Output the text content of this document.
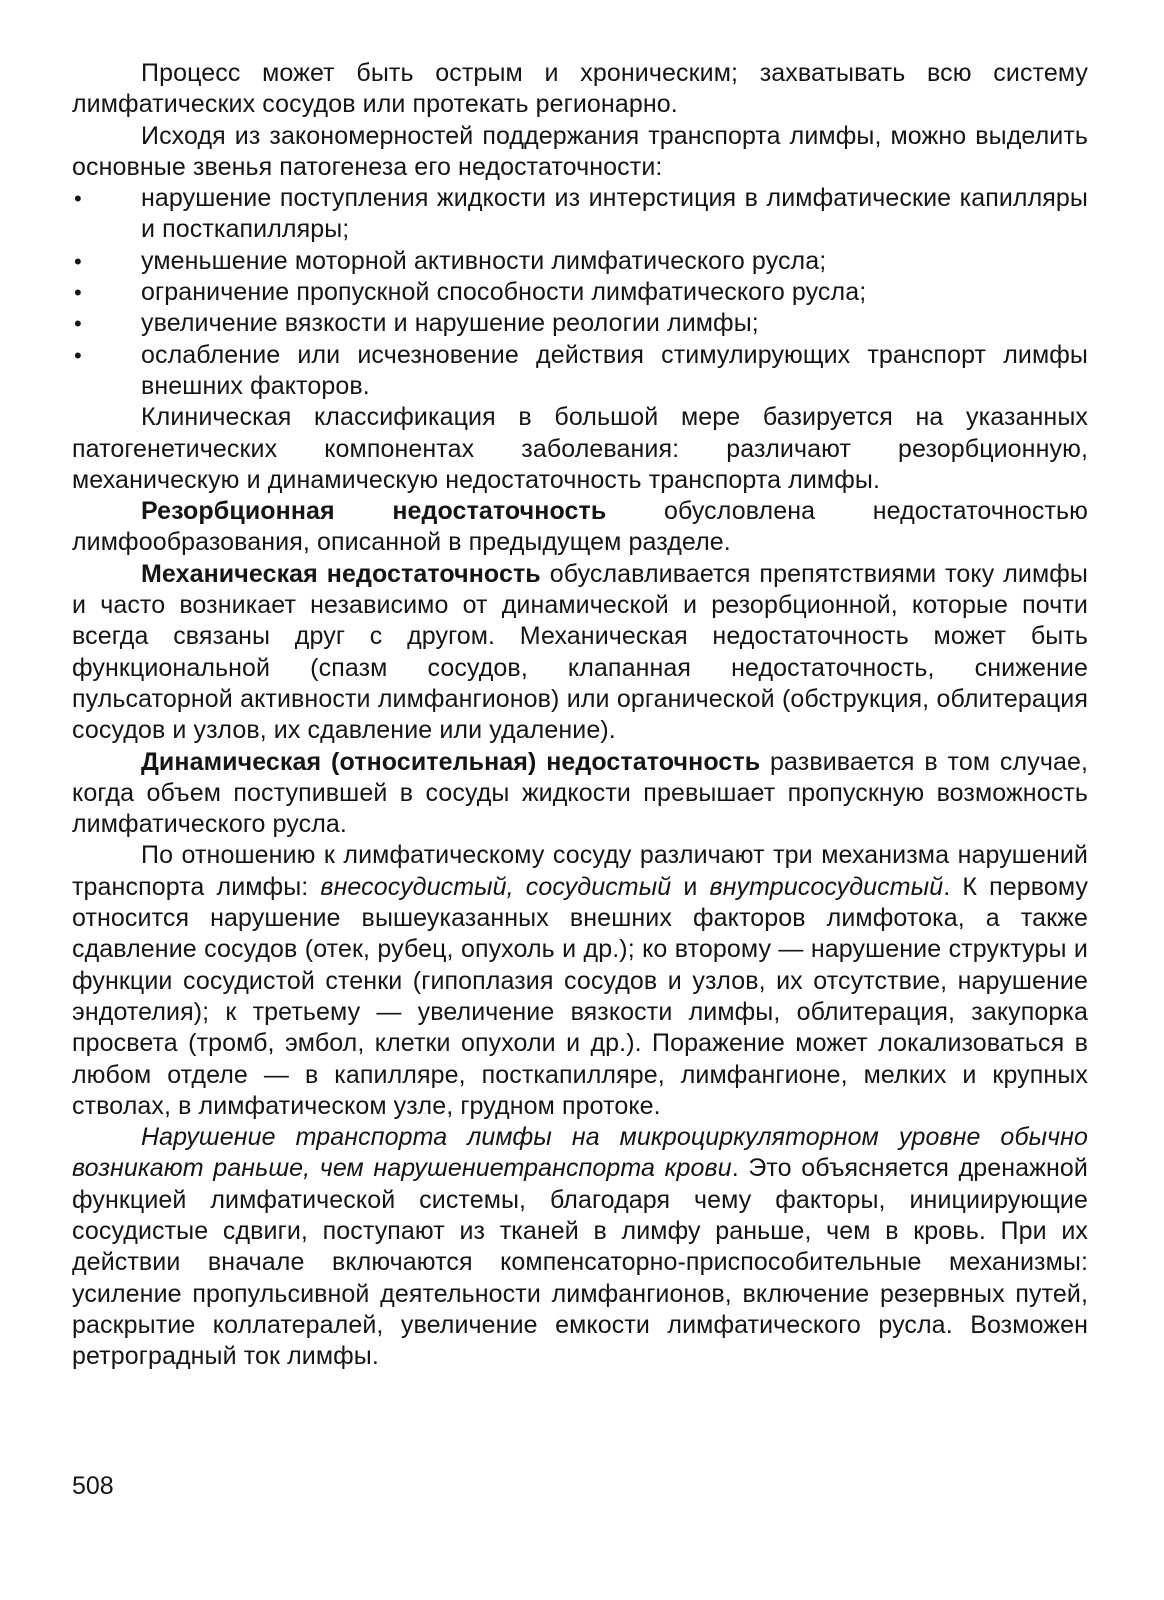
Процесс может быть острым и хроническим; захватывать всю систему лимфатических сосудов или протекать регионарно.

Исходя из закономерностей поддержания транспорта лимфы, можно выделить основные звенья патогенеза его недостаточности:

• нарушение поступления жидкости из интерстиция в лимфатические капилляры и посткапилляры;
• уменьшение моторной активности лимфатического русла;
• ограничение пропускной способности лимфатического русла;
• увеличение вязкости и нарушение реологии лимфы;
• ослабление или исчезновение действия стимулирующих транспорт лимфы внешних факторов.

Клиническая классификация в большой мере базируется на указанных патогенетических компонентах заболевания: различают резорбционную, механическую и динамическую недостаточность транспорта лимфы.

Резорбционная недостаточность обусловлена недостаточностью лимфообразования, описанной в предыдущем разделе.

Механическая недостаточность обуславливается препятствиями току лимфы и часто возникает независимо от динамической и резорбционной, которые почти всегда связаны друг с другом. Механическая недостаточность может быть функциональной (спазм сосудов, клапанная недостаточность, снижение пульсаторной активности лимфангионов) или органической (обструкция, облитерация сосудов и узлов, их сдавление или удаление).

Динамическая (относительная) недостаточность развивается в том случае, когда объем поступившей в сосуды жидкости превышает пропускную возможность лимфатического русла.

По отношению к лимфатическому сосуду различают три механизма нарушений транспорта лимфы: внесосудистый, сосудистый и внутрисосудистый. К первому относится нарушение вышеуказанных внешних факторов лимфотока, а также сдавление сосудов (отек, рубец, опухоль и др.); ко второму — нарушение структуры и функции сосудистой стенки (гипоплазия сосудов и узлов, их отсутствие, нарушение эндотелия); к третьему — увеличение вязкости лимфы, облитерация, закупорка просвета (тромб, эмбол, клетки опухоли и др.). Поражение может локализоваться в любом отделе — в капилляре, посткапилляре, лимфангионе, мелких и крупных стволах, в лимфатическом узле, грудном протоке.

Нарушение транспорта лимфы на микроциркуляторном уровне обычно возникают раньше, чем нарушениетранспорта крови. Это объясняется дренажной функцией лимфатической системы, благодаря чему факторы, инициирующие сосудистые сдвиги, поступают из тканей в лимфу раньше, чем в кровь. При их действии вначале включаются компенсаторно-приспособительные механизмы: усиление пропульсивной деятельности лимфангионов, включение резервных путей, раскрытие коллатералей, увеличение емкости лимфатического русла. Возможен ретроградный ток лимфы.

508
